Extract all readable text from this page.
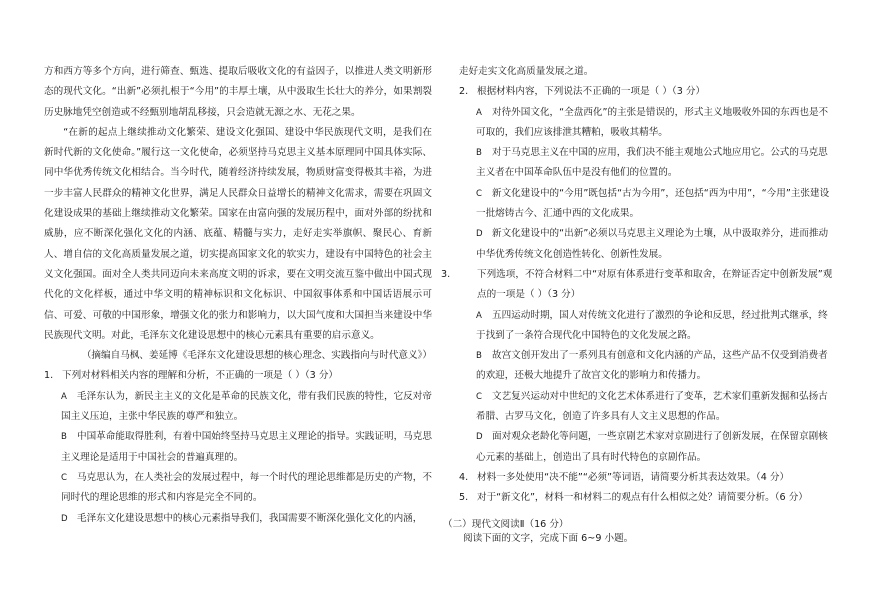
方和西方等多个方向，进行筛查、甄选、提取后吸收文化的有益因子，以推进人类文明新形态的现代文化。“出新”必须扎根于“今用”的丰厚土壤，从中汲取生长壮大的养分，如果割裂历史脉地凭空创造或不经甄别地胡乱移接，只会造就无源之水、无花之果。

“在新的起点上继续推动文化繁荣、建设文化强国、建设中华民族现代文明，是我们在新时代新的文化使命。”履行这一文化使命，必须坚持马克思主义基本原理同中国具体实际、同中华优秀传统文化相结合。当今时代，随着经济持续发展，物质财富变得极其丰裕，为进一步丰富人民群众的精神文化世界，满足人民群众日益增长的精神文化需求，需要在巩固文化建设成果的基础上继续推动文化繁荣。国家在由富向强的发展历程中，面对外部的纷扰和威胁，应不断深化强化文化的内涵、底蕴、精髓与实力，走好走实举旗帜、聚民心、育新人、增自信的文化高质量发展之道，切实提高国家文化的软实力，建设有中国特色的社会主义文化强国。面对全人类共同迈向未来高度文明的诉求，要在文明交流互鉴中做出中国式现代化的文化样板，通过中华文明的精神标识和文化标识、中国叙事体系和中国话语展示可信、可爱、可敬的中国形象，增强文化的张力和影响力，以大国气度和大国担当来建设中华民族现代文明。对此，毛泽东文化建设思想中的核心元素具有重要的启示意义。

（摘编自马枫、姜延博《毛泽东文化建设思想的核心理念、实践指向与时代意义》）

1. 下列对材料相关内容的理解和分析，不正确的一项是（ ）（3 分）

A 毛泽东认为，新民主主义的文化是革命的民族文化，带有我们民族的特性，它反对帝国主义压迫，主张中华民族的尊严和独立。

B 中国革命能取得胜利，有着中国始终坚持马克思主义理论的指导。实践证明，马克思主义理论是适用于中国社会的普遍真理的。

C 马克思认为，在人类社会的发展过程中，每一个时代的理论思维都是历史的产物，不同时代的理论思维的形式和内容是完全不同的。

D 毛泽东文化建设思想中的核心元素指导我们，我国需要不断深化强化文化的内涵，

走好走实文化高质量发展之道。

2. 根据材料内容，下列说法不正确的一项是（ ）（3 分）

A 对待外国文化，“全盘西化”的主张是错误的，形式主义地吸收外国的东西也是不可取的，我们应该排泄其糟粕，吸收其精华。

B 对于马克思主义在中国的应用，我们决不能主观地公式地应用它。公式的马克思主义者在中国革命队伍中是没有他们的位置的。

C 新文化建设中的“今用”既包括“古为今用”，还包括“西为中用”，“今用”主张建设一批熔铸古今、汇通中西的文化成果。

D 新文化建设中的“出新”必须以马克思主义理论为土壤，从中汲取养分，进而推动中华优秀传统文化创造性转化、创新性发展。

3.	下列选项，不符合材料二中“对原有体系进行变革和取舍，在辩证否定中创新发展”观点的一项是（ ）（3 分）

A 五四运动时期，国人对传统文化进行了激烈的争论和反思，经过批判式继承，终于找到了一条符合现代化中国特色的文化发展之路。

B 故宫文创开发出了一系列具有创意和文化内涵的产品，这些产品不仅受到消费者的欢迎，还极大地提升了故宫文化的影响力和传播力。

C 文艺复兴运动对中世纪的文化艺术体系进行了变革，艺术家们重新发掘和弘扬古希腊、古罗马文化，创造了许多具有人文主义思想的作品。

D 面对观众老龄化等问题，一些京剧艺术家对京剧进行了创新发展，在保留京剧核心元素的基础上，创造出了具有时代特色的京剧作品。

4. 材料一多处使用“决不能”“必须”等词语，请简要分析其表达效果。（4 分）

5. 对于“新文化”，材料一和材料二的观点有什么相似之处？请简要分析。（6 分）

（二）现代文阅读Ⅱ（16 分）

阅读下面的文字，完成下面 6~9 小题。
